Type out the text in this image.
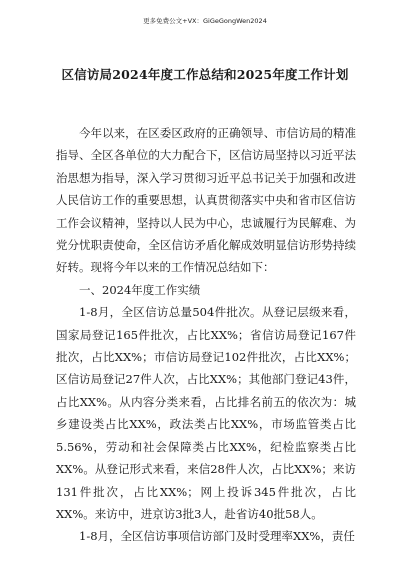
更多免费公文+VX：GiGeGongWen2024
区信访局2024年度工作总结和2025年度工作计划

今年以来，在区委区政府的正确领导、市信访局的精准指导、全区各单位的大力配合下，区信访局坚持以习近平法治思想为指导，深入学习贯彻习近平总书记关于加强和改进人民信访工作的重要思想，认真贯彻落实中央和省市区信访工作会议精神，坚持以人民为中心，忠诚履行为民解难、为党分忧职责使命，全区信访矛盾化解成效明显信访形势持续好转。现将今年以来的工作情况总结如下：

一、2024年度工作实绩

1-8月，全区信访总量504件批次。从登记层级来看，国家局登记165件批次，占比XX%；省信访局登记167件批次，占比XX%；市信访局登记102件批次，占比XX%；区信访局登记27件人次，占比XX%；其他部门登记43件，占比XX%。从内容分类来看，占比排名前五的依次为：城乡建设类占比XX%，政法类占比XX%，市场监管类占比5.56%，劳动和社会保障类占比XX%，纪检监察类占比XX%。从登记形式来看，来信28件人次，占比XX%；来访131件批次，占比XX%；网上投诉345件批次，占比XX%。来访中，进京访3批3人，赴省访40批58人。

1-8月，全区信访事项信访部门及时受理率XX%，责任
